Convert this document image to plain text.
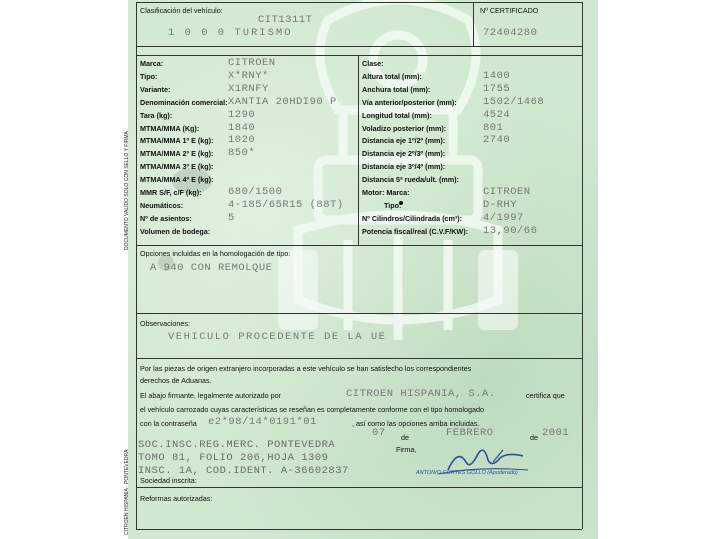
DOCUMENTO VALIDO SOLO CON SELLO Y FIRMA
CITROEN HISPANIA · PONTEVEDRA
Clasificación del vehículo:
CIT1311T
1 0 0 0 TURISMO
Nº CERTIFICADO
72404280
Opciones incluidas en la homologación de tipo:
A 940 CON REMOLQUE
Observaciones:
VEHICULO PROCEDENTE DE LA UE
Por las piezas de origen extranjero incorporadas a este vehículo se han satisfecho los correspondientes
derechos de Aduanas.
El abajo firmante, legalmente autorizado por	CITROEN HISPANIA, S.A.	certifica que
el vehículo carrozado cuyas características se reseñan es completamente conforme con el tipo homologado
con la contraseña e2*98/14*0191*01	, así como las opciones arriba incluidas.
07 de	FEBRERO	de 2001
Firma,
SOC.INSC.REG.MERC. PONTEVEDRA
TOMO 81, FOLIO 206,HOJA 1309
INSC. 1A, COD.IDENT. A-36602837
Sociedad inscrita:
ANTONIO CORTES GOLLO (Apoderado)
Reformas autorizadas:
Marca:	CITROEN
Tipo:	X*RNY*
Variante:	X1RNFY
Denominación comercial: XANTIA 20HDI90 P
Tara (kg):	1290
MTMA/MMA (Kg):	1840
MTMA/MMA 1º E (kg): 1020
MTMA/MMA 2º E (kg): 850*
MTMA/MMA 3º E (kg):
MTMA/MMA 4º E (kg):
MMR S/F, c/F (kg):	680/1500
Neumáticos:	4-185/65R15 (88T)
Nº de asientos:	5
Volumen de bodega:
Clase:
Altura total (mm):	1400
Anchura total (mm):	1755
Vía anterior/posterior (mm):	1502/1468
Longitud total (mm):	4524
Voladizo posterior (mm):	801
Distancia eje 1º/2º (mm):	2740
Distancia eje 2º/3º (mm):
Distancia eje 3º/4º (mm):
Distancia 5ª rueda/ult. (mm):
Motor: Marca:	CITROEN
Tipo:	D-RHY
Nº Cilindros/Cilindrada (cm³): 4/1997
Potencia fiscal/real (C.V.F/KW): 13,90/66
